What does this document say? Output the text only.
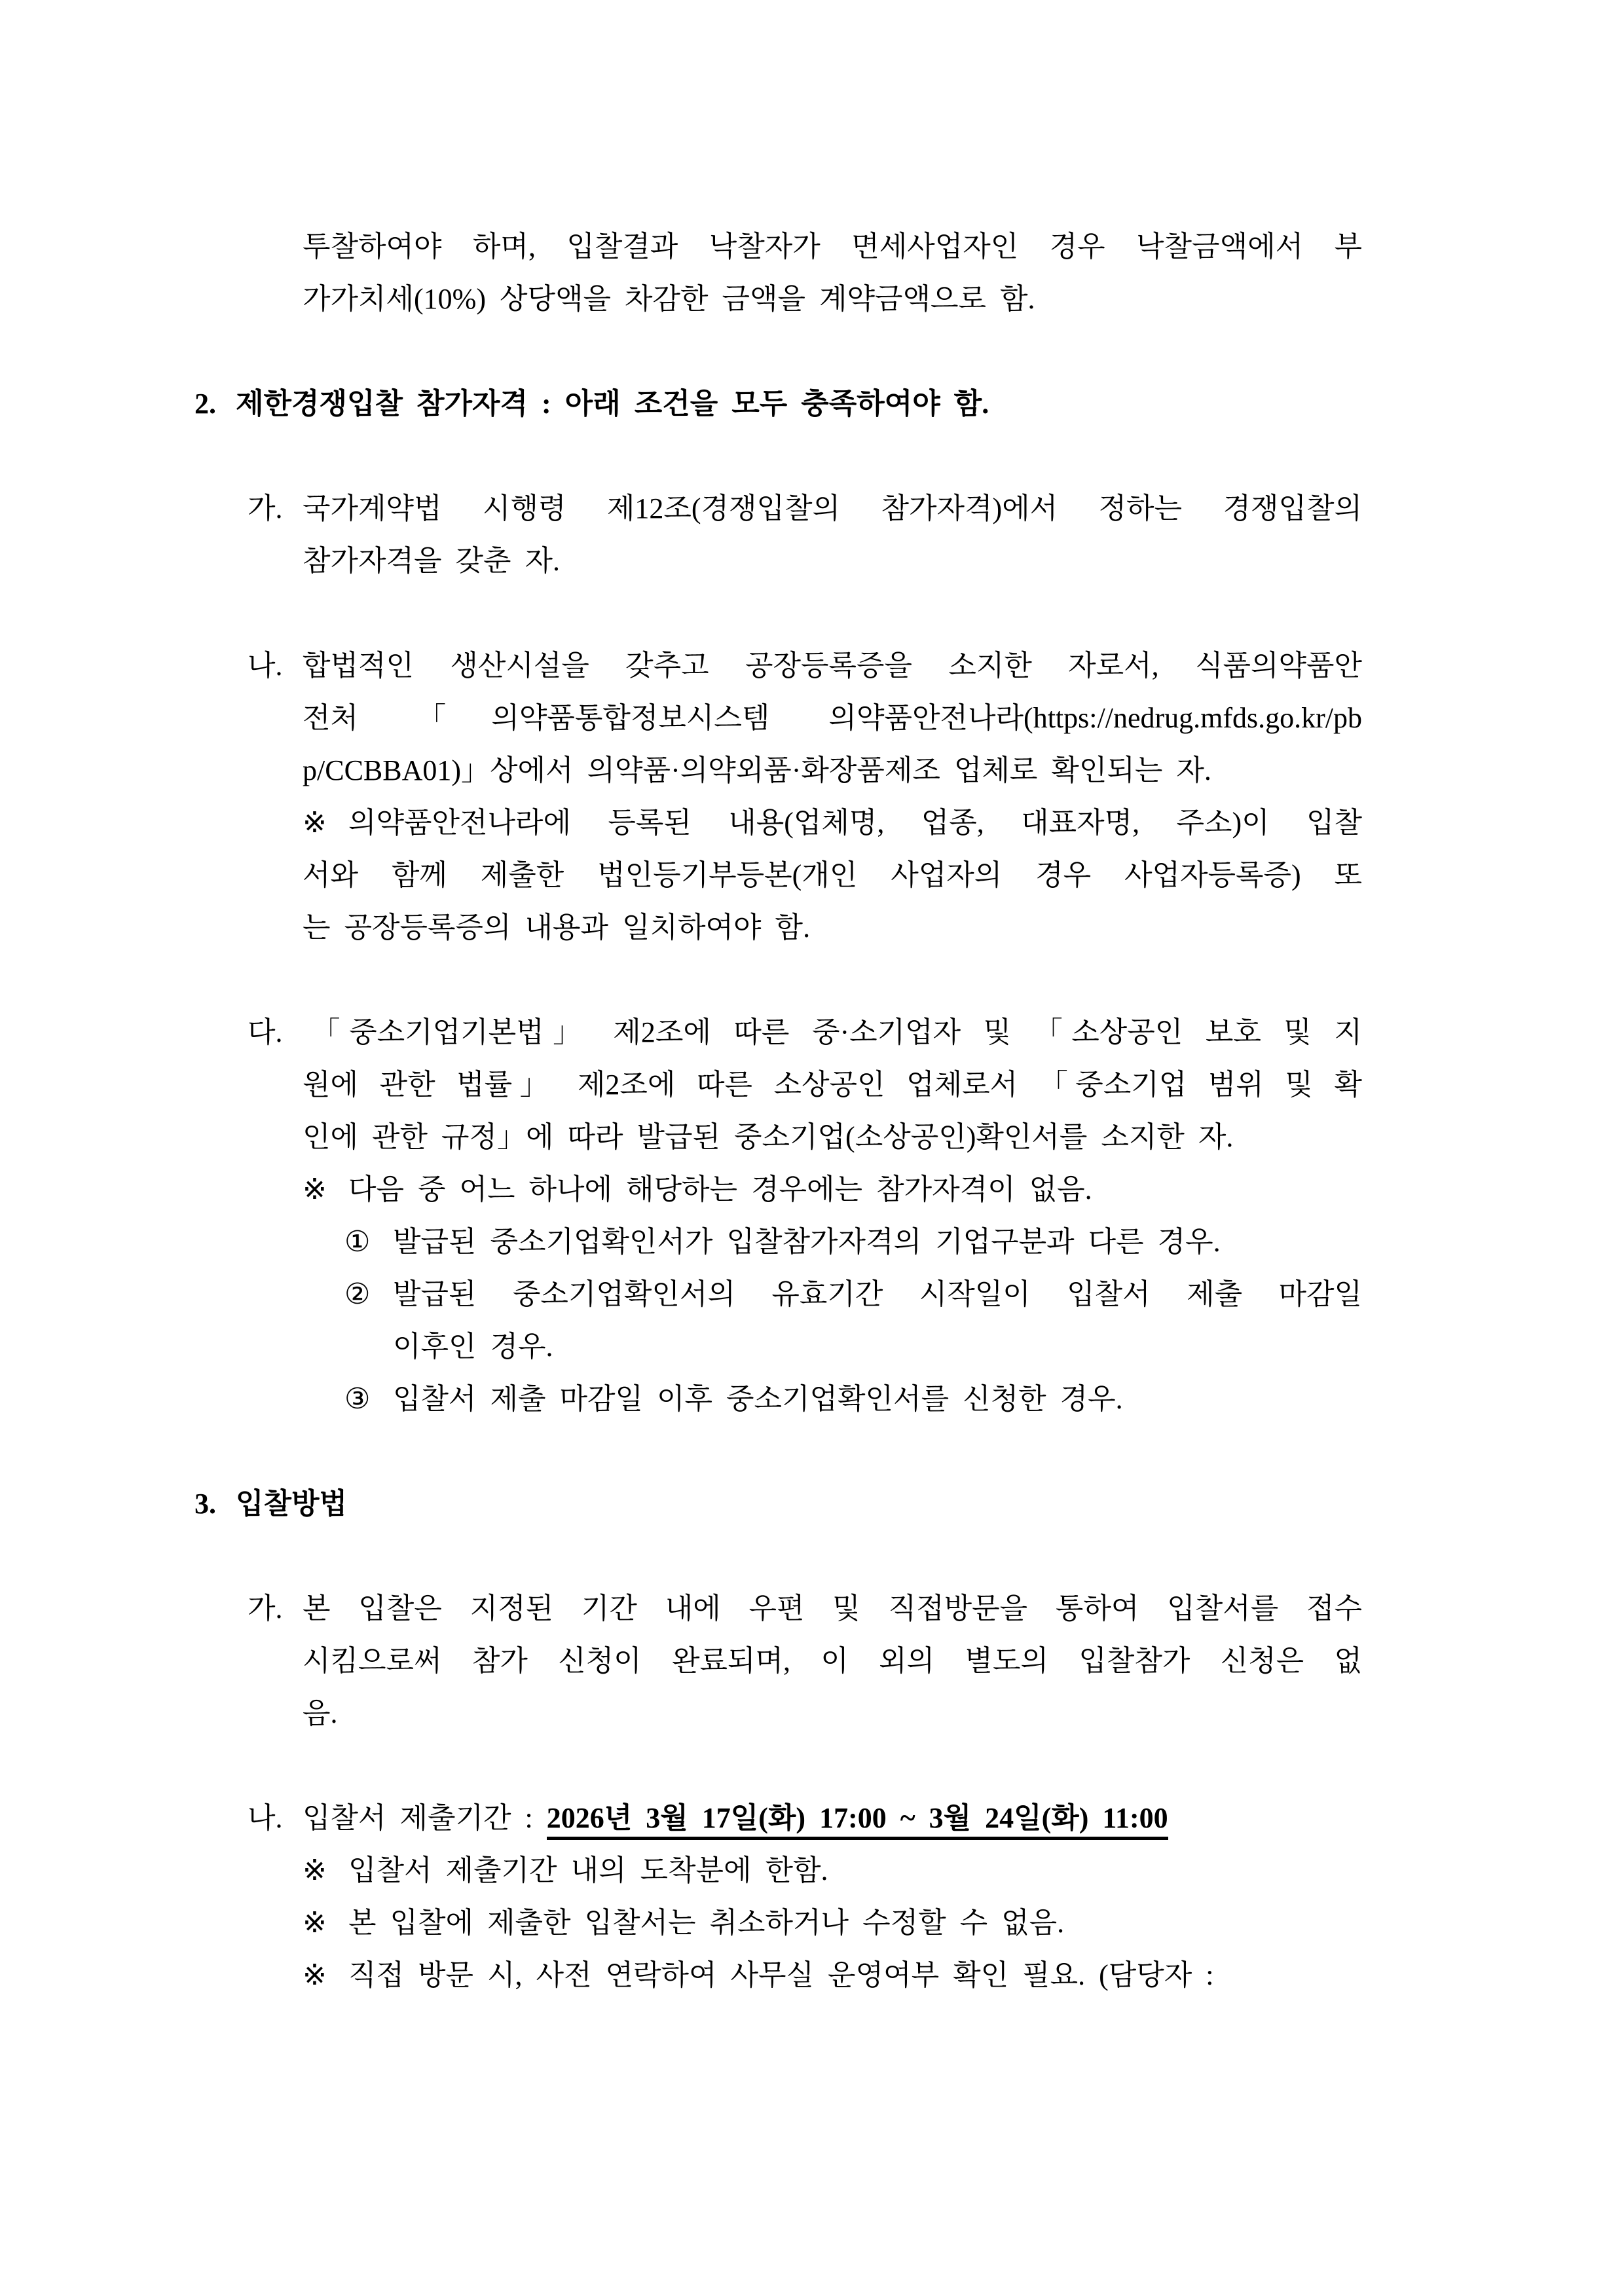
투찰하여야 하며, 입찰결과 낙찰자가 면세사업자인 경우 낙찰금액에서 부
가가치세(10%) 상당액을 차감한 금액을 계약금액으로 함.
2. 제한경쟁입찰 참가자격 : 아래 조건을 모두 충족하여야 함.
가. 국가계약법 시행령 제12조(경쟁입찰의 참가자격)에서 정하는 경쟁입찰의
참가자격을 갖춘 자.
나. 합법적인 생산시설을 갖추고 공장등록증을 소지한 자로서, 식품의약품안
전처 「의약품통합정보시스템 의약품안전나라(https://nedrug.mfds.go.kr/pb
p/CCBBA01)」상에서 의약품·의약외품·화장품제조 업체로 확인되는 자.
※ 의약품안전나라에 등록된 내용(업체명, 업종, 대표자명, 주소)이 입찰
서와 함께 제출한 법인등기부등본(개인 사업자의 경우 사업자등록증) 또
는 공장등록증의 내용과 일치하여야 함.
다. 「중소기업기본법」 제2조에 따른 중·소기업자 및 「소상공인 보호 및 지
원에 관한 법률」 제2조에 따른 소상공인 업체로서 「중소기업 범위 및 확
인에 관한 규정」에 따라 발급된 중소기업(소상공인)확인서를 소지한 자.
※ 다음 중 어느 하나에 해당하는 경우에는 참가자격이 없음.
① 발급된 중소기업확인서가 입찰참가자격의 기업구분과 다른 경우.
② 발급된 중소기업확인서의 유효기간 시작일이 입찰서 제출 마감일
이후인 경우.
③ 입찰서 제출 마감일 이후 중소기업확인서를 신청한 경우.
3. 입찰방법
가. 본 입찰은 지정된 기간 내에 우편 및 직접방문을 통하여 입찰서를 접수
시킴으로써 참가 신청이 완료되며, 이 외의 별도의 입찰참가 신청은 없
음.
나. 입찰서 제출기간 : 2026년 3월 17일(화) 17:00 ~ 3월 24일(화) 11:00
※ 입찰서 제출기간 내의 도착분에 한함.
※ 본 입찰에 제출한 입찰서는 취소하거나 수정할 수 없음.
※ 직접 방문 시, 사전 연락하여 사무실 운영여부 확인 필요. (담당자 :
